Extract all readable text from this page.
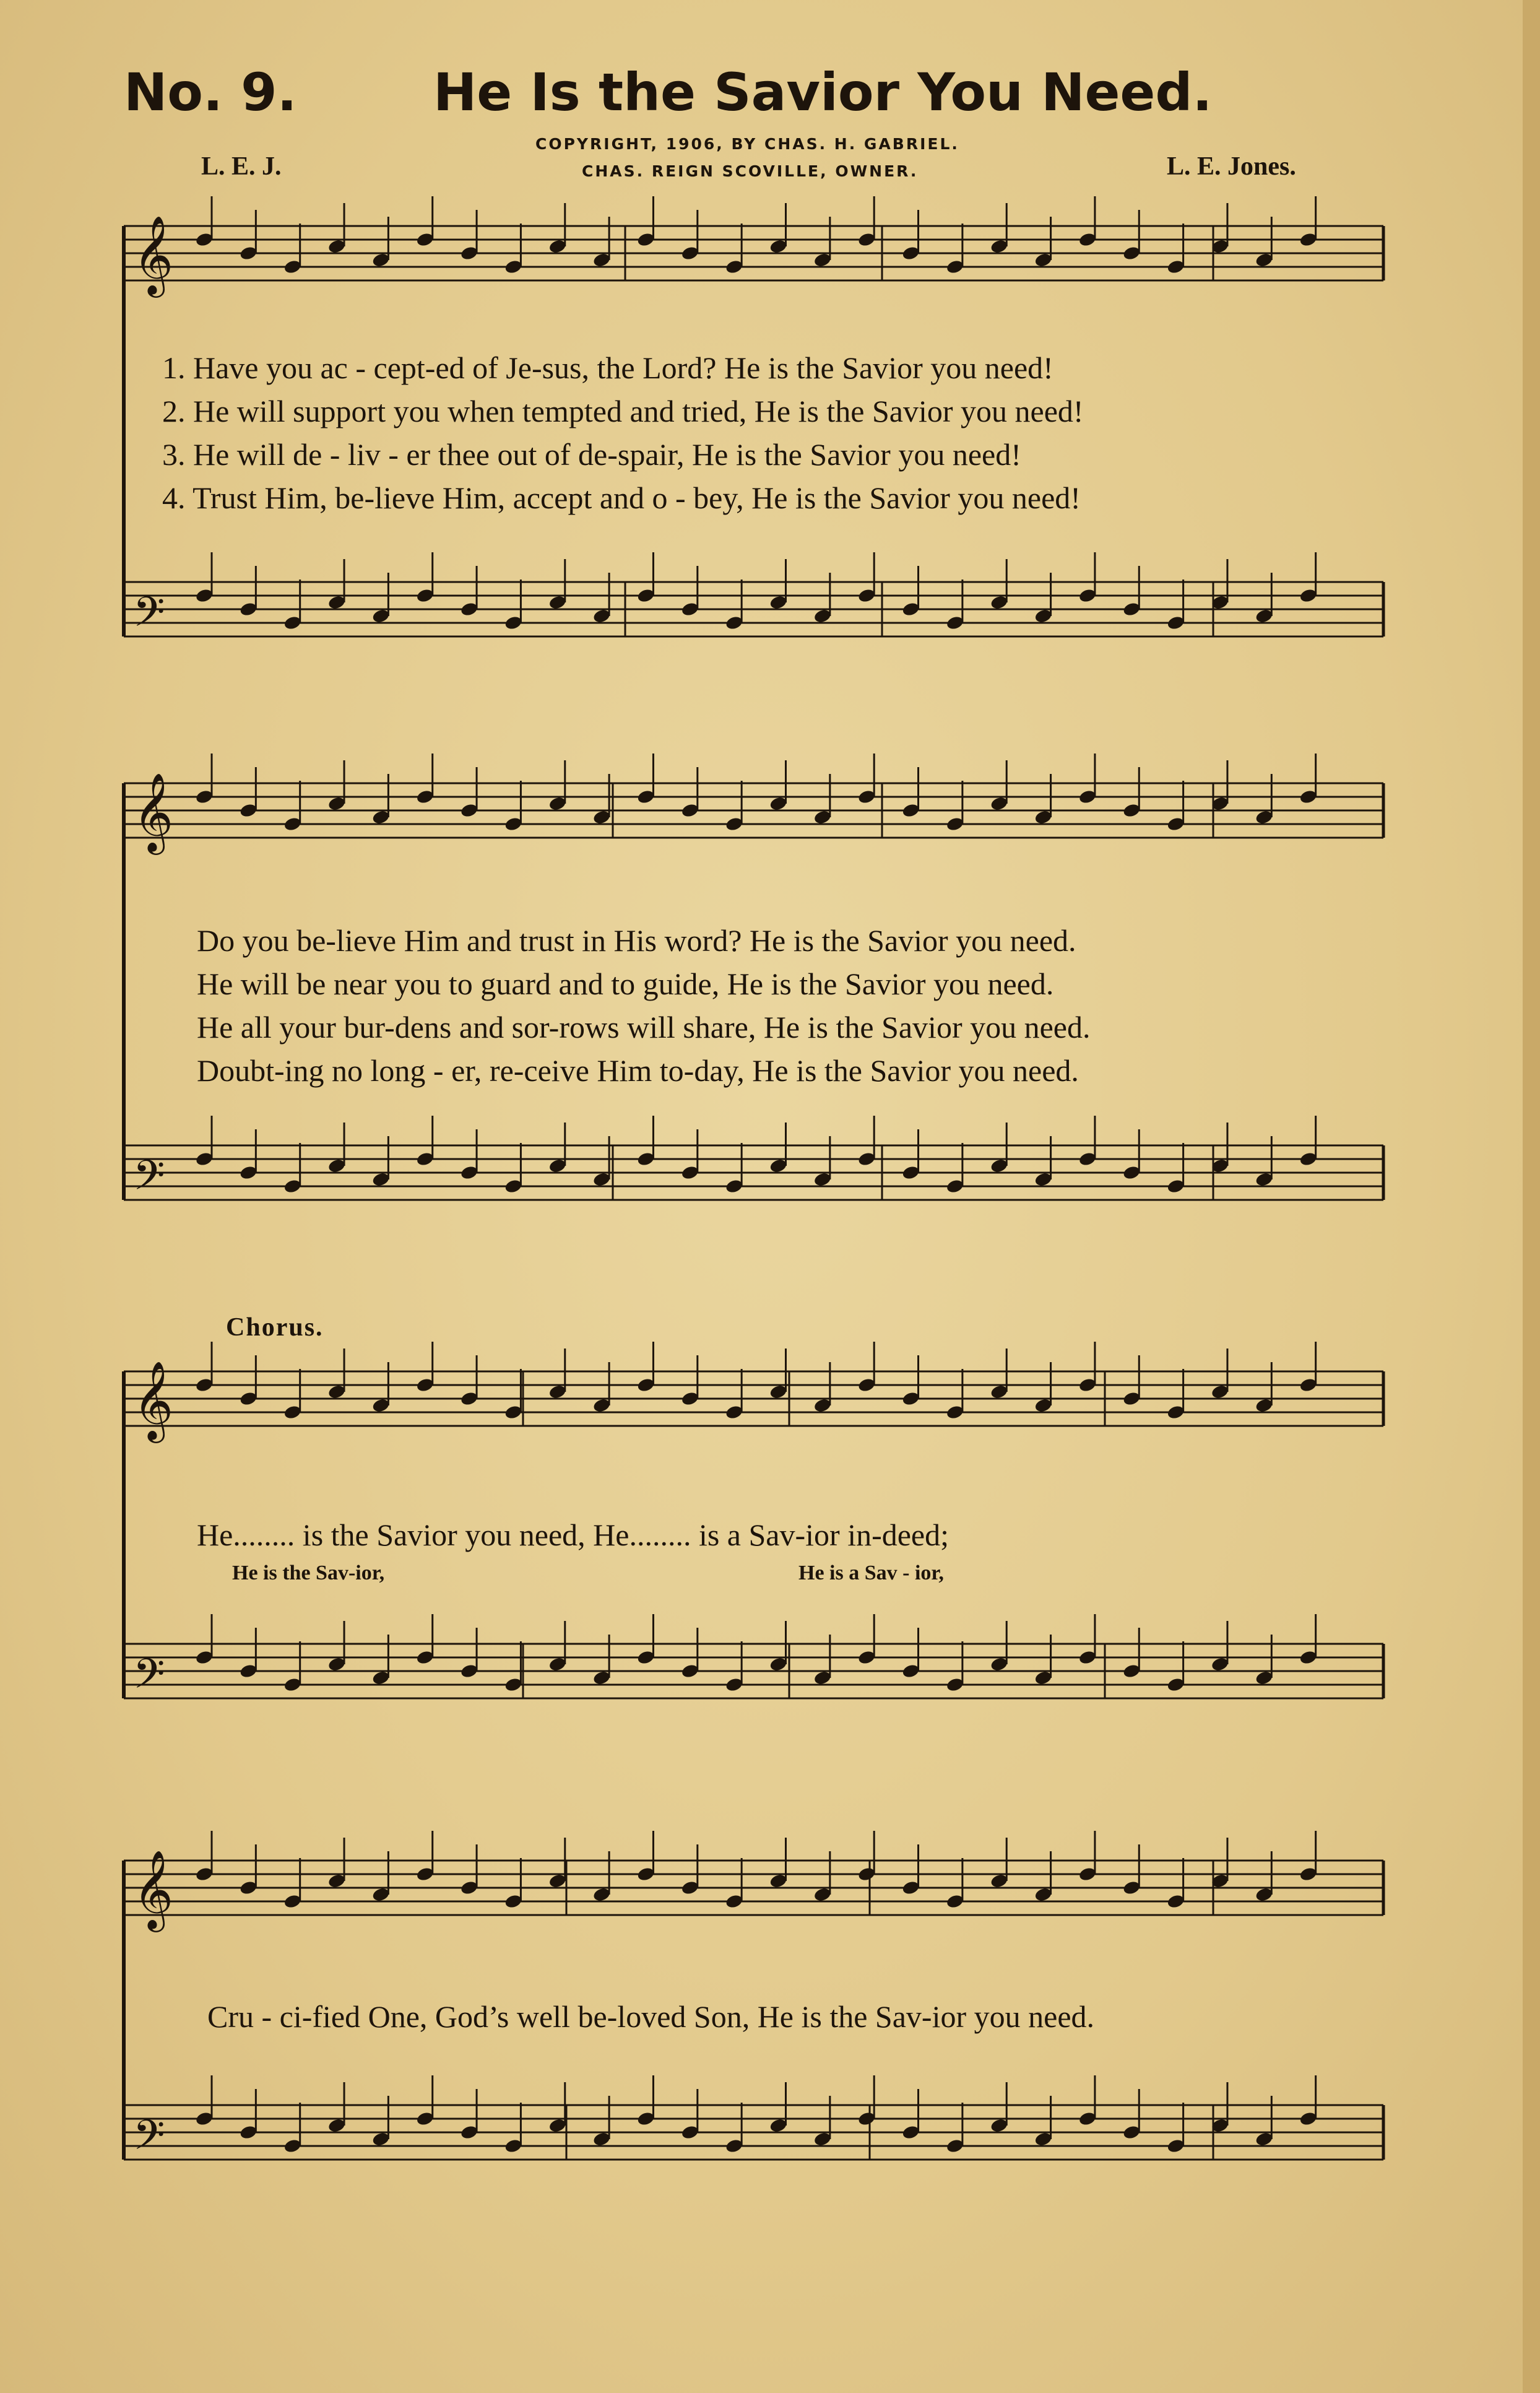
No. 9.	He Is the Savior You Need.
COPYRIGHT, 1906, BY CHAS. H. GABRIEL.
CHAS. REIGN SCOVILLE, OWNER.
L. E. J.	L. E. Jones.
𝄞
𝄢
𝄞
𝄢
𝄞
𝄢
𝄞
𝄢
1. Have you ac - cept-ed of Je-sus, the Lord? He is the Savior you need!
2. He will support you when tempted and tried, He is the Savior you need!
3. He will de - liv - er thee out of de-spair, He is the Savior you need!
4. Trust Him, be-lieve Him, accept and o - bey, He is the Savior you need!
Do you be-lieve Him and trust in His word? He is the Savior you need.
He will be near you to guard and to guide, He is the Savior you need.
He all your bur-dens and sor-rows will share, He is the Savior you need.
Doubt-ing no long - er, re-ceive Him to-day, He is the Savior you need.
Chorus.
He........ is the Savior you need, He........ is a Sav-ior in-deed;
He is the Sav-ior,	He is a Sav - ior,
Cru - ci-fied One, God’s well be-loved Son, He is the Sav-ior you need.
